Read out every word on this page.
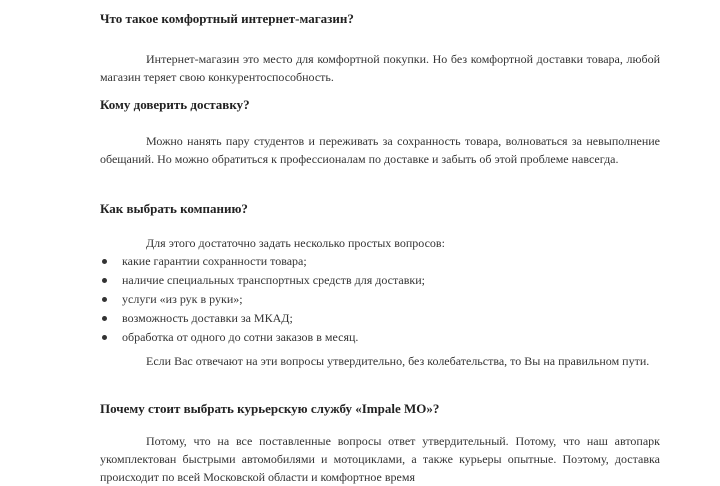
Что такое комфортный интернет-магазин?

Интернет-магазин это место для комфортной покупки. Но без комфортной доставки товара, любой магазин теряет свою конкурентоспособность.

Кому доверить доставку?

Можно нанять пару студентов и переживать за сохранность товара, волноваться за невыполнение обещаний. Но можно обратиться к профессионалам по доставке и забыть об этой проблеме навсегда.

Как выбрать компанию?

Для этого достаточно задать несколько простых вопросов:

какие гарантии сохранности товара;
наличие специальных транспортных средств для доставки;
услуги «из рук в руки»;
возможность доставки за МКАД;
обработка от одного до сотни заказов в месяц.

Если Вас отвечают на эти вопросы утвердительно, без колебательства, то Вы на правильном пути.

Почему стоит выбрать курьерскую службу «Impale MO»?

Потому, что на все поставленные вопросы ответ утвердительный. Потому, что наш автопарк укомплектован быстрыми автомобилями и мотоциклами, а также курьеры опытные. Поэтому, доставка происходит по всей Московской области и комфортное время
